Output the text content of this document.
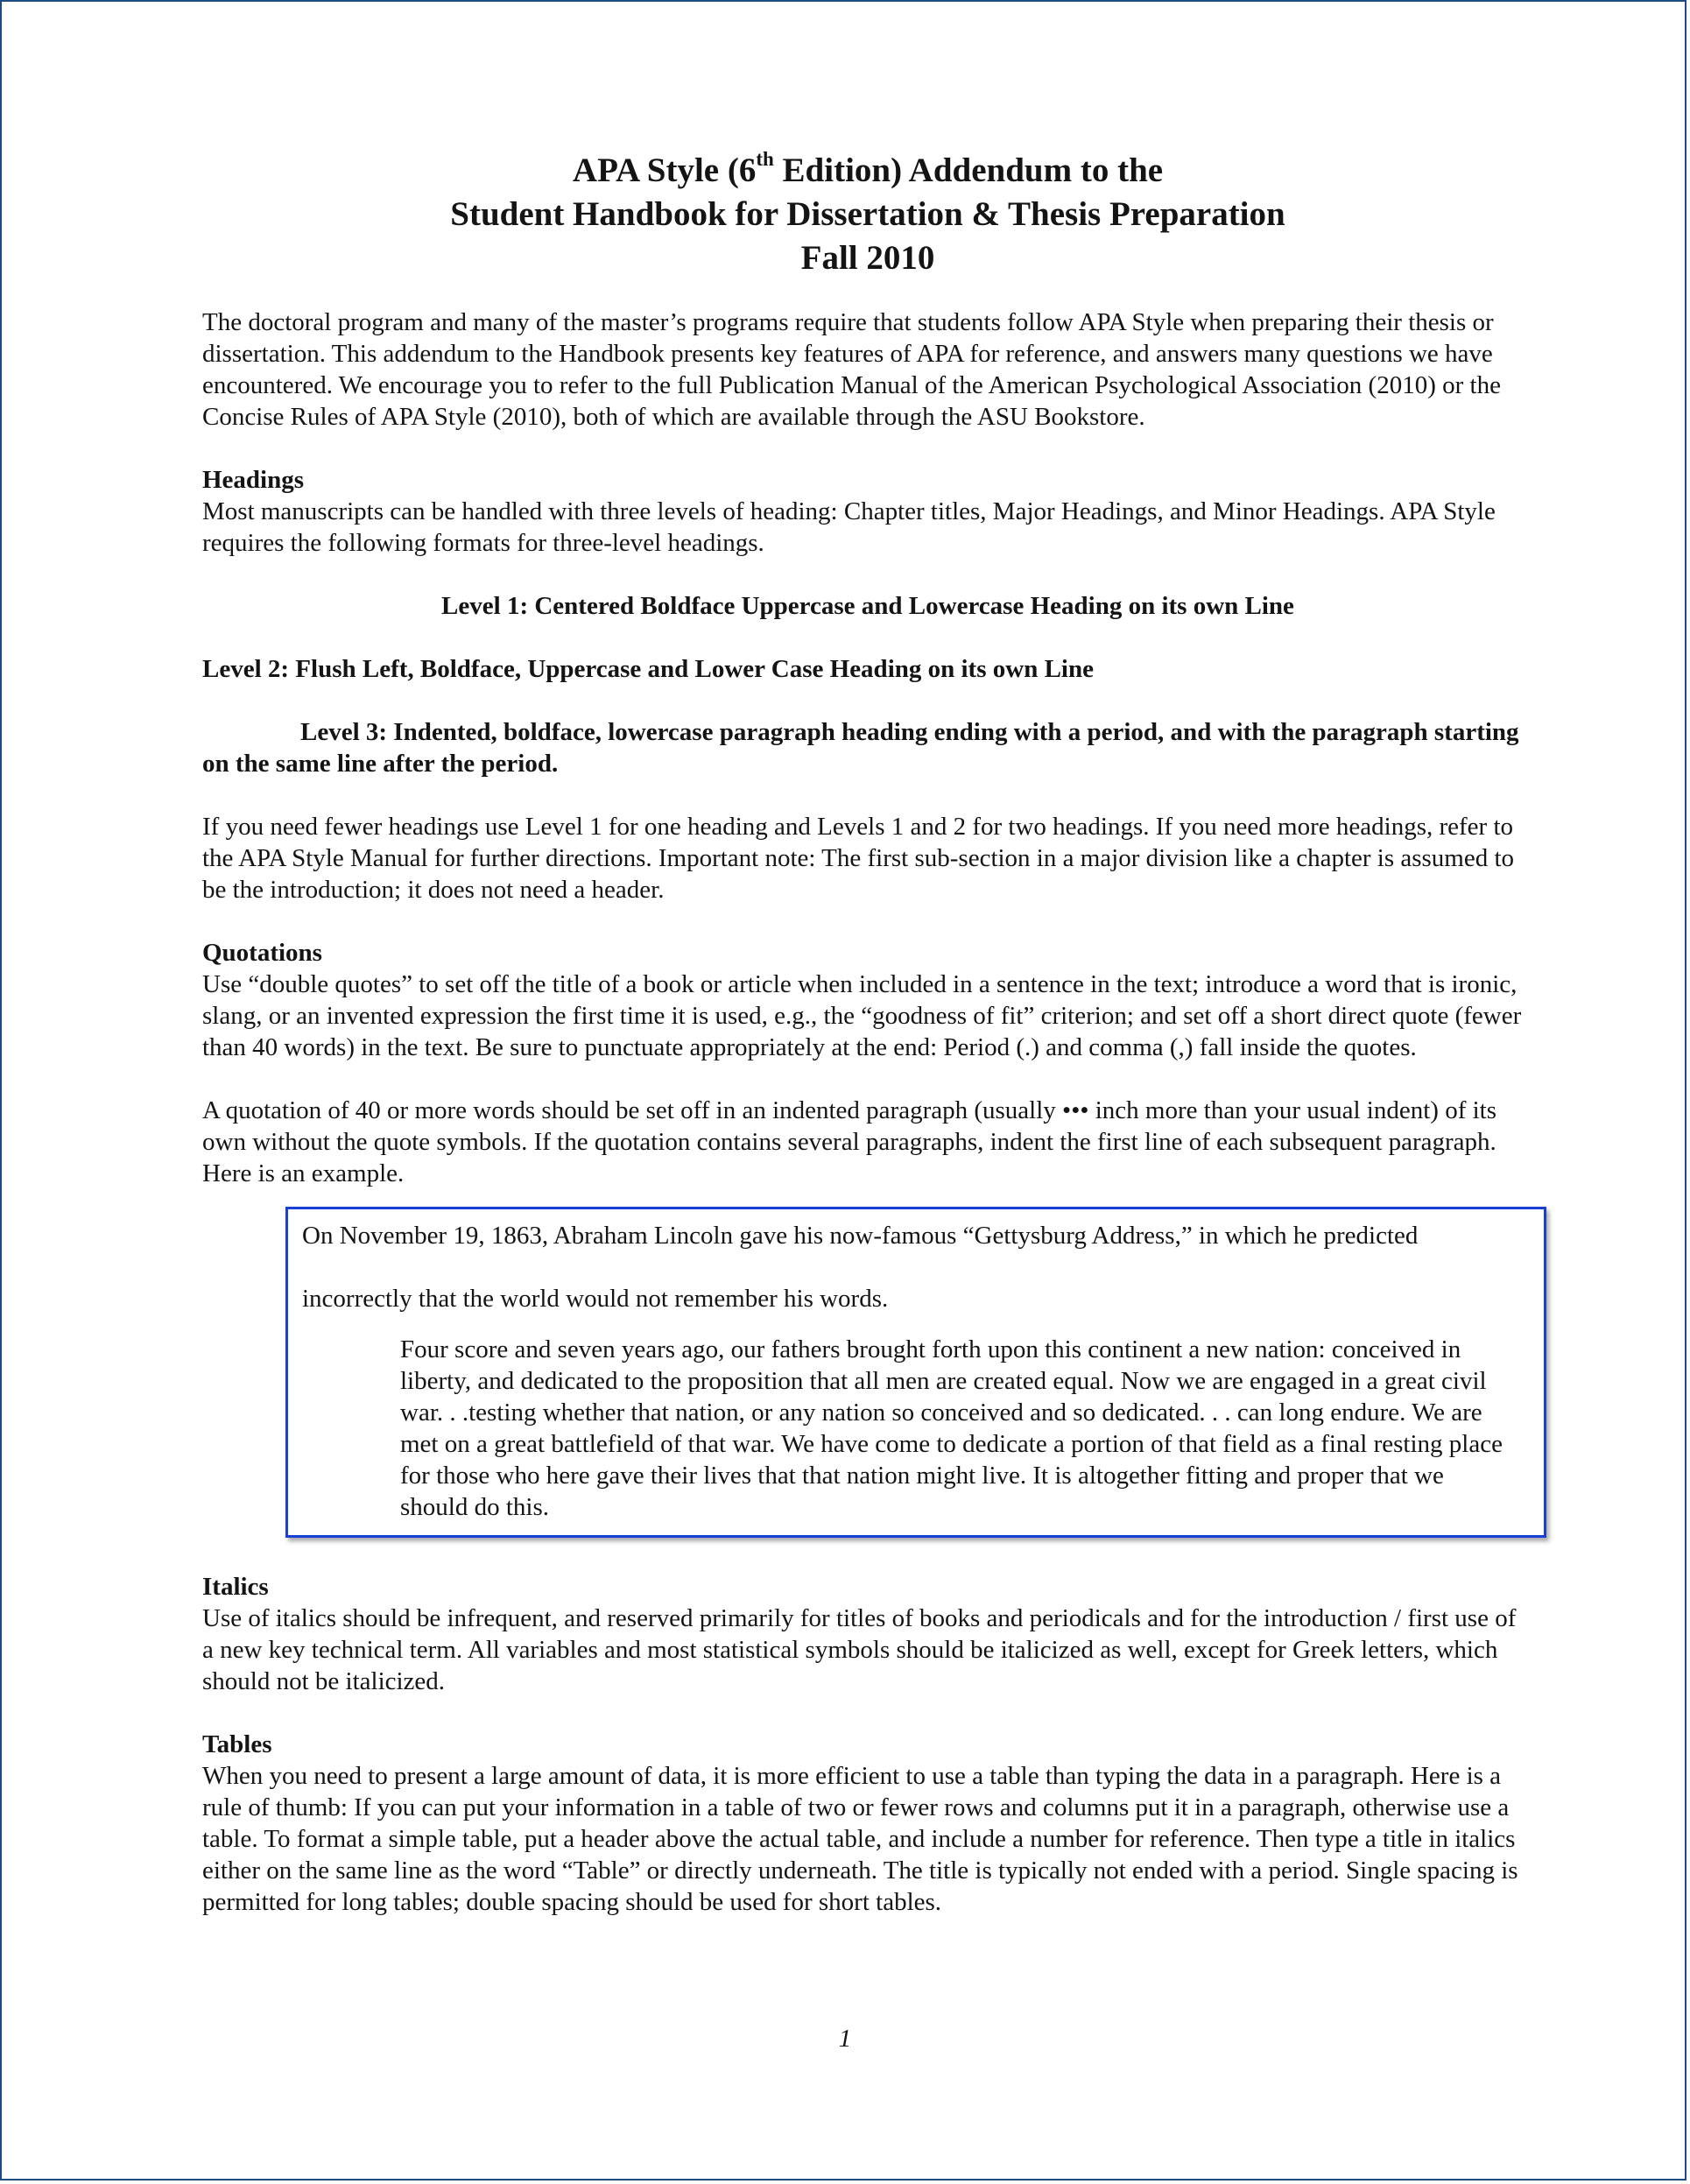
APA Style (6th Edition) Addendum to the
Student Handbook for Dissertation & Thesis Preparation
Fall 2010

The doctoral program and many of the master’s programs require that students follow APA Style when preparing their thesis or dissertation. This addendum to the Handbook presents key features of APA for reference, and answers many questions we have encountered. We encourage you to refer to the full Publication Manual of the American Psychological Association (2010) or the Concise Rules of APA Style (2010), both of which are available through the ASU Bookstore.

Headings

Most manuscripts can be handled with three levels of heading: Chapter titles, Major Headings, and Minor Headings. APA Style requires the following formats for three-level headings.

Level 1: Centered Boldface Uppercase and Lowercase Heading on its own Line

Level 2: Flush Left, Boldface, Uppercase and Lower Case Heading on its own Line

Level 3: Indented, boldface, lowercase paragraph heading ending with a period, and with the paragraph starting on the same line after the period.

If you need fewer headings use Level 1 for one heading and Levels 1 and 2 for two headings. If you need more headings, refer to the APA Style Manual for further directions. Important note: The first sub-section in a major division like a chapter is assumed to be the introduction; it does not need a header.

Quotations

Use “double quotes” to set off the title of a book or article when included in a sentence in the text; introduce a word that is ironic, slang, or an invented expression the first time it is used, e.g., the “goodness of fit” criterion; and set off a short direct quote (fewer than 40 words) in the text. Be sure to punctuate appropriately at the end: Period (.) and comma (,) fall inside the quotes.

A quotation of 40 or more words should be set off in an indented paragraph (usually ••• inch more than your usual indent) of its own without the quote symbols. If the quotation contains several paragraphs, indent the first line of each subsequent paragraph. Here is an example.

On November 19, 1863, Abraham Lincoln gave his now-famous “Gettysburg Address,” in which he predicted incorrectly that the world would not remember his words.

Four score and seven years ago, our fathers brought forth upon this continent a new nation: conceived in liberty, and dedicated to the proposition that all men are created equal. Now we are engaged in a great civil war. . .testing whether that nation, or any nation so conceived and so dedicated. . . can long endure. We are met on a great battlefield of that war. We have come to dedicate a portion of that field as a final resting place for those who here gave their lives that that nation might live. It is altogether fitting and proper that we should do this.

Italics

Use of italics should be infrequent, and reserved primarily for titles of books and periodicals and for the introduction / first use of a new key technical term. All variables and most statistical symbols should be italicized as well, except for Greek letters, which should not be italicized.

Tables

When you need to present a large amount of data, it is more efficient to use a table than typing the data in a paragraph. Here is a rule of thumb: If you can put your information in a table of two or fewer rows and columns put it in a paragraph, otherwise use a table. To format a simple table, put a header above the actual table, and include a number for reference. Then type a title in italics either on the same line as the word “Table” or directly underneath. The title is typically not ended with a period. Single spacing is permitted for long tables; double spacing should be used for short tables.

1
